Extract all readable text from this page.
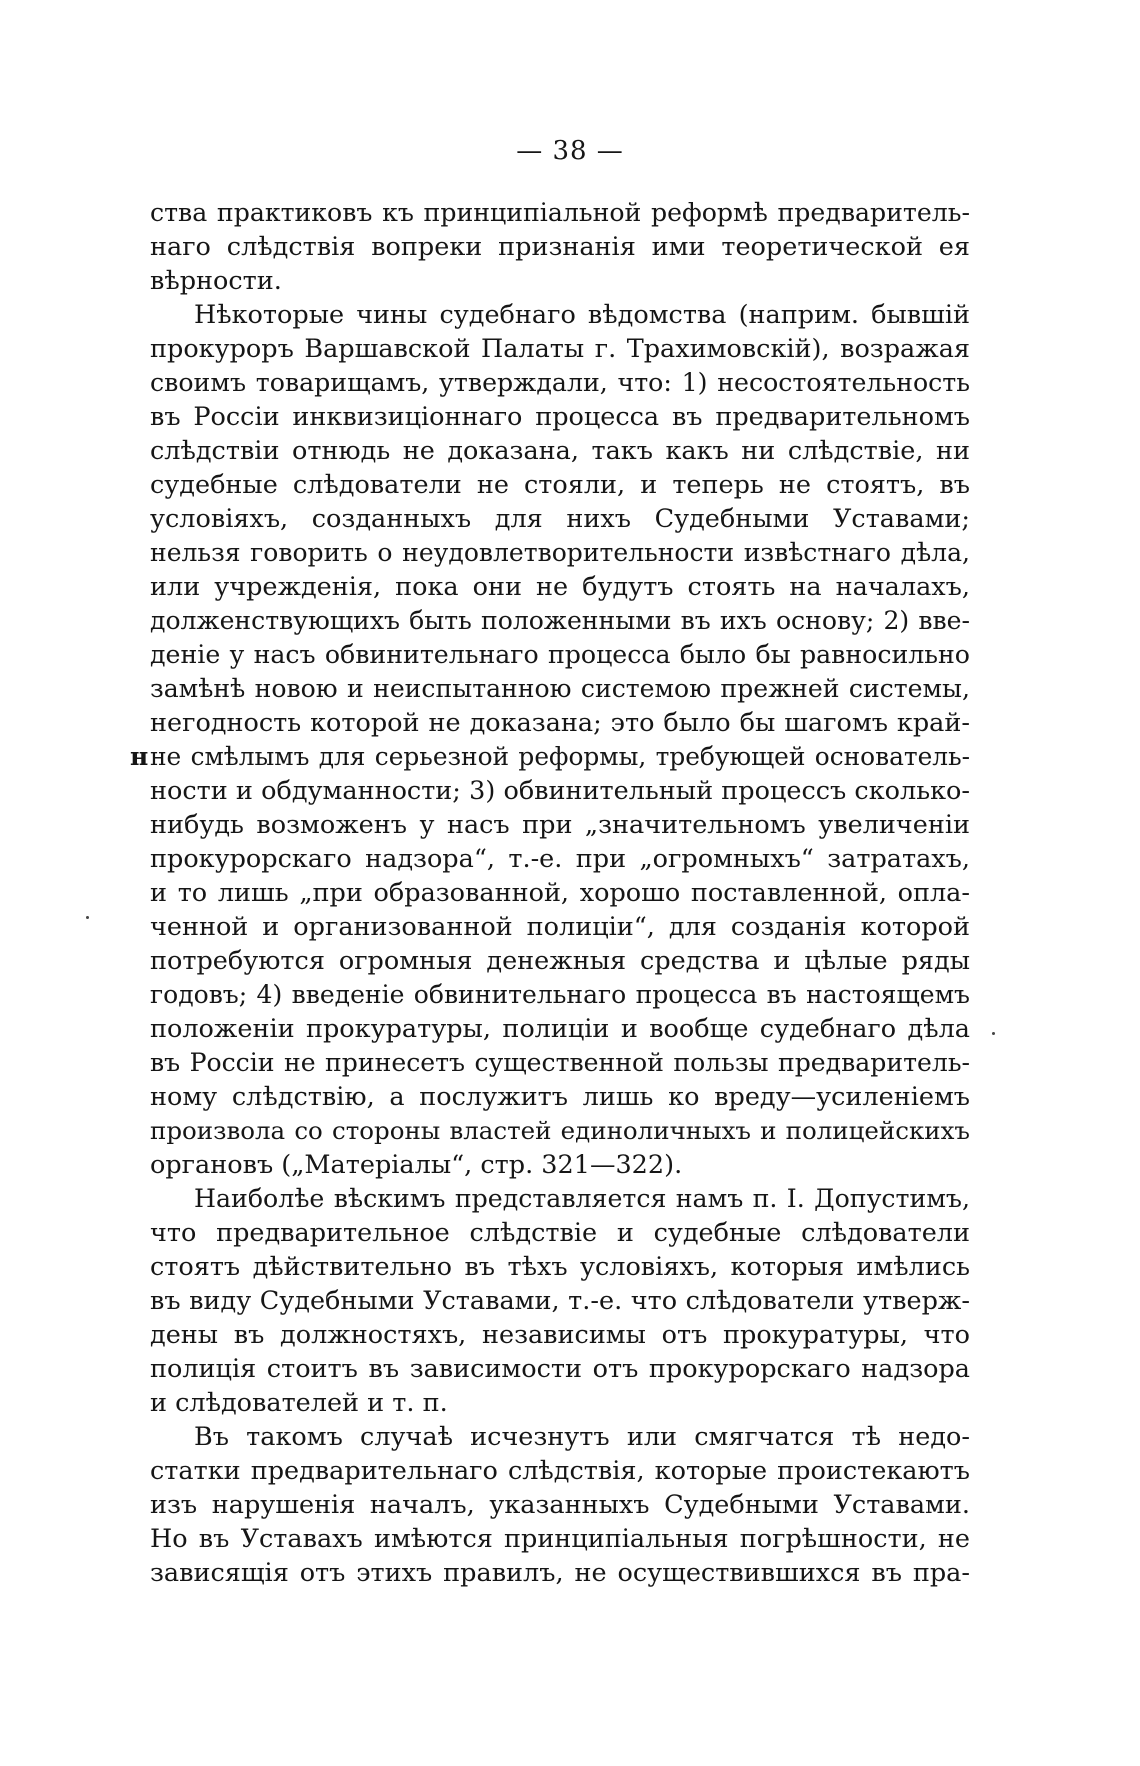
— 38 —
н
ства практиковъ къ принципіальной реформѣ предваритель-
наго слѣдствія вопреки признанія ими теоретической ея
вѣрности.
Нѣкоторые чины судебнаго вѣдомства (наприм. бывшій
прокуроръ Варшавской Палаты г. Трахимовскій), возражая
своимъ товарищамъ, утверждали, что: 1) несостоятельность
въ Россіи инквизиціоннаго процесса въ предварительномъ
слѣдствіи отнюдь не доказана, такъ какъ ни слѣдствіе, ни
судебные слѣдователи не стояли, и теперь не стоятъ, въ
условіяхъ, созданныхъ для нихъ Судебными Уставами;
нельзя говорить о неудовлетворительности извѣстнаго дѣла,
или учрежденія, пока они не будутъ стоять на началахъ,
долженствующихъ быть положенными въ ихъ основу; 2) вве-
деніе у насъ обвинительнаго процесса было бы равносильно
замѣнѣ новою и неиспытанною системою прежней системы,
негодность которой не доказана; это было бы шагомъ край-
не смѣлымъ для серьезной реформы, требующей основатель-
ности и обдуманности; 3) обвинительный процессъ сколько-
нибудь возможенъ у насъ при „значительномъ увеличеніи
прокурорскаго надзора“, т.-е. при „огромныхъ“ затратахъ,
и то лишь „при образованной, хорошо поставленной, опла-
ченной и организованной полиціи“, для созданія которой
потребуются огромныя денежныя средства и цѣлые ряды
годовъ; 4) введеніе обвинительнаго процесса въ настоящемъ
положеніи прокуратуры, полиціи и вообще судебнаго дѣла
въ Россіи не принесетъ существенной пользы предваритель-
ному слѣдствію, а послужитъ лишь ко вреду—усиленіемъ
произвола со стороны властей единоличныхъ и полицейскихъ
органовъ („Матеріалы“, стр. 321—322).
Наиболѣе вѣскимъ представляется намъ п. I. Допустимъ,
что предварительное слѣдствіе и судебные слѣдователи
стоятъ дѣйствительно въ тѣхъ условіяхъ, которыя имѣлись
въ виду Судебными Уставами, т.-е. что слѣдователи утверж-
дены въ должностяхъ, независимы отъ прокуратуры, что
полиція стоитъ въ зависимости отъ прокурорскаго надзора
и слѣдователей и т. п.
Въ такомъ случаѣ исчезнутъ или смягчатся тѣ недо-
статки предварительнаго слѣдствія, которые проистекаютъ
изъ нарушенія началъ, указанныхъ Судебными Уставами.
Но въ Уставахъ имѣются принципіальныя погрѣшности, не
зависящія отъ этихъ правилъ, не осуществившихся въ пра-
